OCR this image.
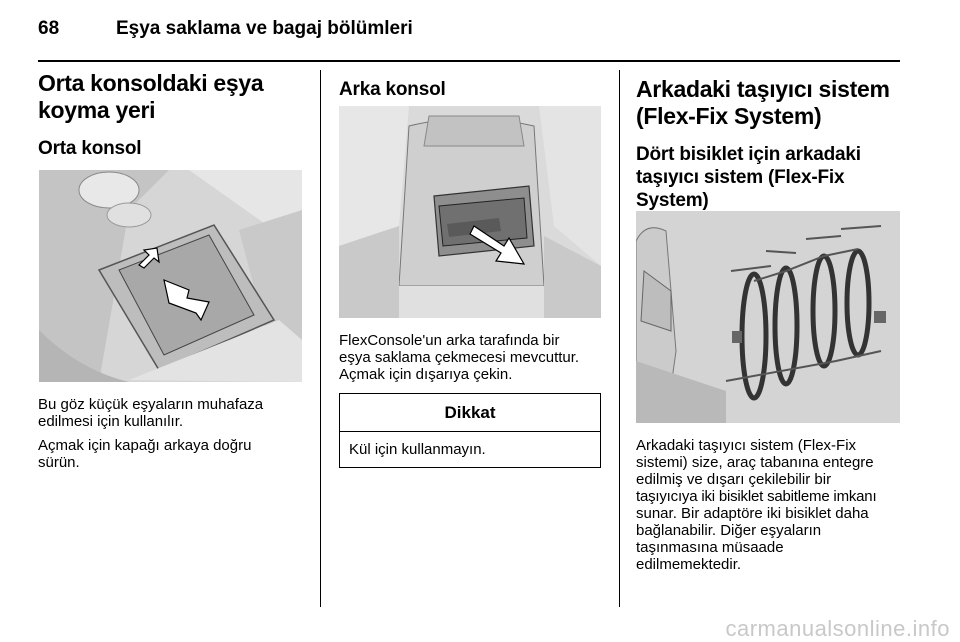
68	Eşya saklama ve bagaj bölümleri
Orta konsoldaki eşya
koyma yeri
Orta konsol

Bu göz küçük eşyaların muhafaza
edilmesi için kullanılır.

Açmak için kapağı arkaya doğru
sürün.

Arka konsol

FlexConsole'un arka tarafında bir
eşya saklama çekmecesi mevcuttur.
Açmak için dışarıya çekin.

Dikkat
Kül için kullanmayın.
Arkadaki taşıyıcı sistem
(Flex-Fix System)
Dört bisiklet için arkadaki
taşıyıcı sistem (Flex-Fix
System)

Arkadaki taşıyıcı sistem (Flex-Fix
sistemi) size, araç tabanına entegre
edilmiş ve dışarı çekilebilir bir
taşıyıcıya iki bisiklet sabitleme imkanı
sunar. Bir adaptöre iki bisiklet daha
bağlanabilir. Diğer eşyaların
taşınmasına müsaade
edilmemektedir.

carmanualsonline.info
